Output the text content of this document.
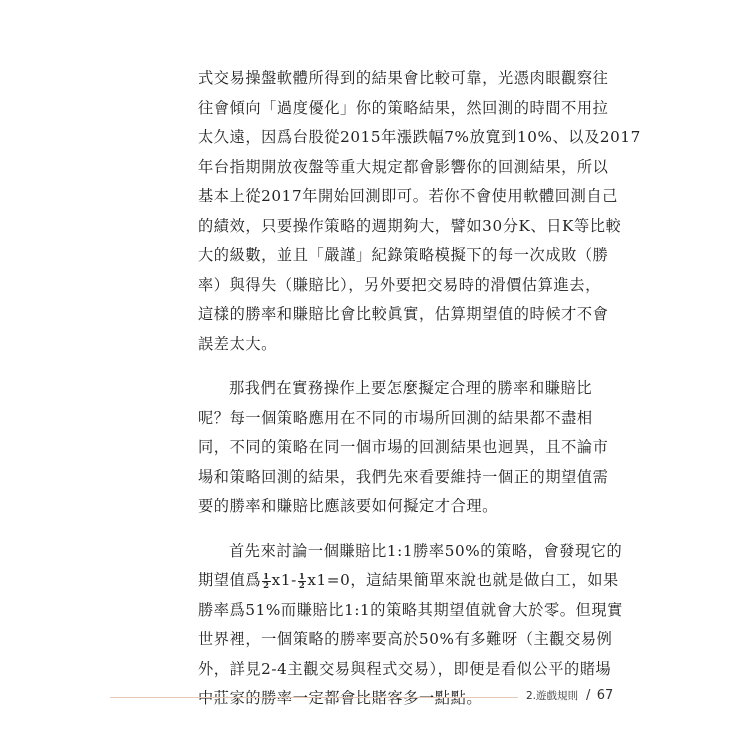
式交易操盤軟體所得到的結果會比較可靠，光憑肉眼觀察往
往會傾向「過度優化」你的策略結果，然回測的時間不用拉
太久遠，因爲台股從2015年漲跌幅7%放寬到10%、以及2017
年台指期開放夜盤等重大規定都會影響你的回測結果，所以
基本上從2017年開始回測即可。若你不會使用軟體回測自己
的績效，只要操作策略的週期夠大，譬如30分K、日K等比較
大的級數，並且「嚴謹」紀錄策略模擬下的每一次成敗（勝
率）與得失（賺賠比），另外要把交易時的滑價估算進去，
這樣的勝率和賺賠比會比較眞實，估算期望值的時候才不會
誤差太大。

那我們在實務操作上要怎麼擬定合理的勝率和賺賠比
呢？每一個策略應用在不同的市場所回測的結果都不盡相
同，不同的策略在同一個市場的回測結果也迥異，且不論市
場和策略回測的結果，我們先來看要維持一個正的期望值需
要的勝率和賺賠比應該要如何擬定才合理。

首先來討論一個賺賠比1:1勝率50%的策略，會發現它的
期望值爲 $\frac{1}{2} x1- \frac{1}{2} x1=0$，這結果簡單來說也就是做白工，如果
勝率爲51%而賺賠比1:1的策略其期望值就會大於零。但現實
世界裡，一個策略的勝率要高於50%有多難呀（主觀交易例
外，詳見2-4主觀交易與程式交易），即便是看似公平的賭場
中莊家的勝率一定都會比賭客多一點點。	2.遊戲規則 / 67
